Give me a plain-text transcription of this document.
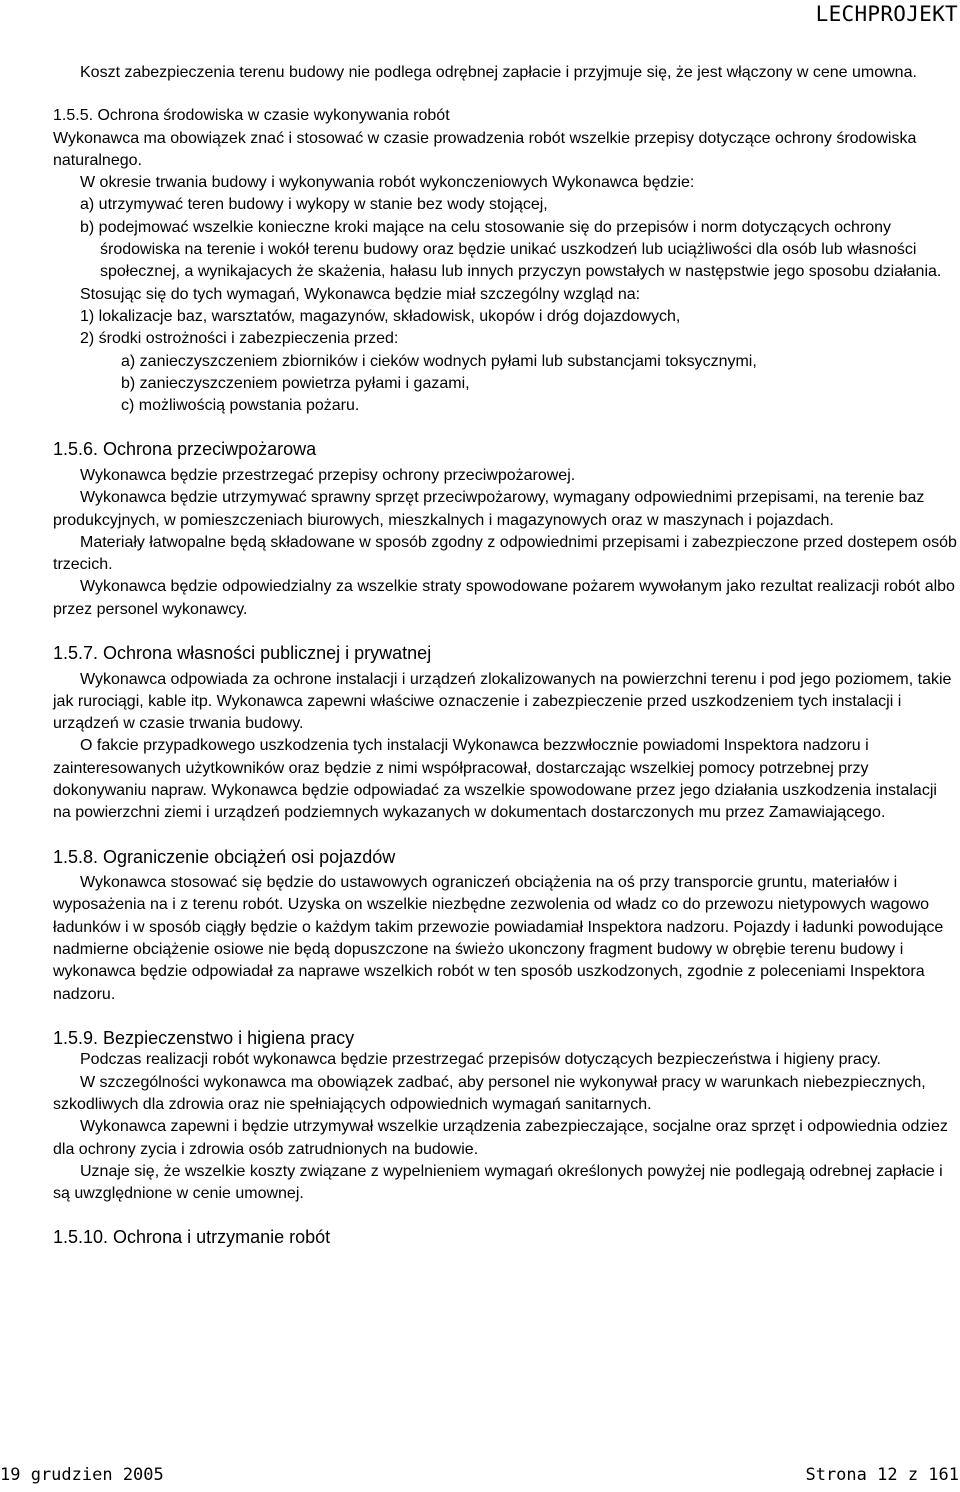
LECHPROJEKT

Koszt zabezpieczenia terenu budowy nie podlega odrębnej zapłacie i przyjmuje się, że jest włączony w cene umowna.

1.5.5. Ochrona środowiska w czasie wykonywania robót

Wykonawca ma obowiązek znać i stosować w czasie prowadzenia robót wszelkie przepisy dotyczące ochrony środowiska naturalnego.

W okresie trwania budowy i wykonywania robót wykonczeniowych Wykonawca będzie:

a) utrzymywać teren budowy i wykopy w stanie bez wody stojącej,

b) podejmować wszelkie konieczne kroki mające na celu stosowanie się do przepisów i norm dotyczących ochrony środowiska na terenie i wokół terenu budowy oraz będzie unikać uszkodzeń lub uciążliwości dla osób lub własności społecznej, a wynikajacych że skażenia, hałasu lub innych przyczyn powstałych w następstwie jego sposobu działania.

Stosując się do tych wymagań, Wykonawca będzie miał szczególny wzgląd na:

1) lokalizacje baz, warsztatów, magazynów, składowisk, ukopów i dróg dojazdowych,

2) środki ostrożności i zabezpieczenia przed:

a) zanieczyszczeniem zbiorników i cieków wodnych pyłami lub substancjami toksycznymi,

b) zanieczyszczeniem powietrza pyłami i gazami,

c) możliwością powstania pożaru.

1.5.6. Ochrona przeciwpożarowa

Wykonawca będzie przestrzegać przepisy ochrony przeciwpożarowej.

Wykonawca będzie utrzymywać sprawny sprzęt przeciwpożarowy, wymagany odpowiednimi przepisami, na terenie baz produkcyjnych, w pomieszczeniach biurowych, mieszkalnych i magazynowych oraz w maszynach i pojazdach.

Materiały łatwopalne będą składowane w sposób zgodny z odpowiednimi przepisami i zabezpieczone przed dostepem osób trzecich.

Wykonawca będzie odpowiedzialny za wszelkie straty spowodowane pożarem wywołanym jako rezultat realizacji robót albo przez personel wykonawcy.

1.5.7. Ochrona własności publicznej i prywatnej

Wykonawca odpowiada za ochrone instalacji i urządzeń zlokalizowanych na powierzchni terenu i pod jego poziomem, takie jak rurociągi, kable itp. Wykonawca zapewni właściwe oznaczenie i zabezpieczenie przed uszkodzeniem tych instalacji i urządzeń w czasie trwania budowy.

O fakcie przypadkowego uszkodzenia tych instalacji Wykonawca bezzwłocznie powiadomi Inspektora nadzoru i zainteresowanych użytkowników oraz będzie z nimi współpracował, dostarczając wszelkiej pomocy potrzebnej przy dokonywaniu napraw. Wykonawca będzie odpowiadać za wszelkie spowodowane przez jego działania uszkodzenia instalacji na powierzchni ziemi i urządzeń podziemnych wykazanych w dokumentach dostarczonych mu przez Zamawiającego.

1.5.8. Ograniczenie obciążeń osi pojazdów

Wykonawca stosować się będzie do ustawowych ograniczeń obciążenia na oś przy transporcie gruntu, materiałów i wyposażenia na i z terenu robót. Uzyska on wszelkie niezbędne zezwolenia od władz co do przewozu nietypowych wagowo ładunków i w sposób ciągły będzie o każdym takim przewozie powiadamiał Inspektora nadzoru. Pojazdy i ładunki powodujące nadmierne obciążenie osiowe nie będą dopuszczone na świeżo ukonczony fragment budowy w obrębie terenu budowy i wykonawca będzie odpowiadał za naprawe wszelkich robót w ten sposób uszkodzonych, zgodnie z poleceniami Inspektora nadzoru.

1.5.9. Bezpieczenstwo i higiena pracy

Podczas realizacji robót wykonawca będzie przestrzegać przepisów dotyczących bezpieczeństwa i higieny pracy.

W szczególności wykonawca ma obowiązek zadbać, aby personel nie wykonywał pracy w warunkach niebezpiecznych, szkodliwych dla zdrowia oraz nie spełniających odpowiednich wymagań sanitarnych.

Wykonawca zapewni i będzie utrzymywał wszelkie urządzenia zabezpieczające, socjalne oraz sprzęt i odpowiednia odziez dla ochrony zycia i zdrowia osób zatrudnionych na budowie.

Uznaje się, że wszelkie koszty związane z wypelnieniem wymagań określonych powyżej nie podlegają odrebnej zapłacie i są uwzględnione w cenie umownej.

1.5.10. Ochrona i utrzymanie robót

19 grudzien 2005	Strona 12 z 161
